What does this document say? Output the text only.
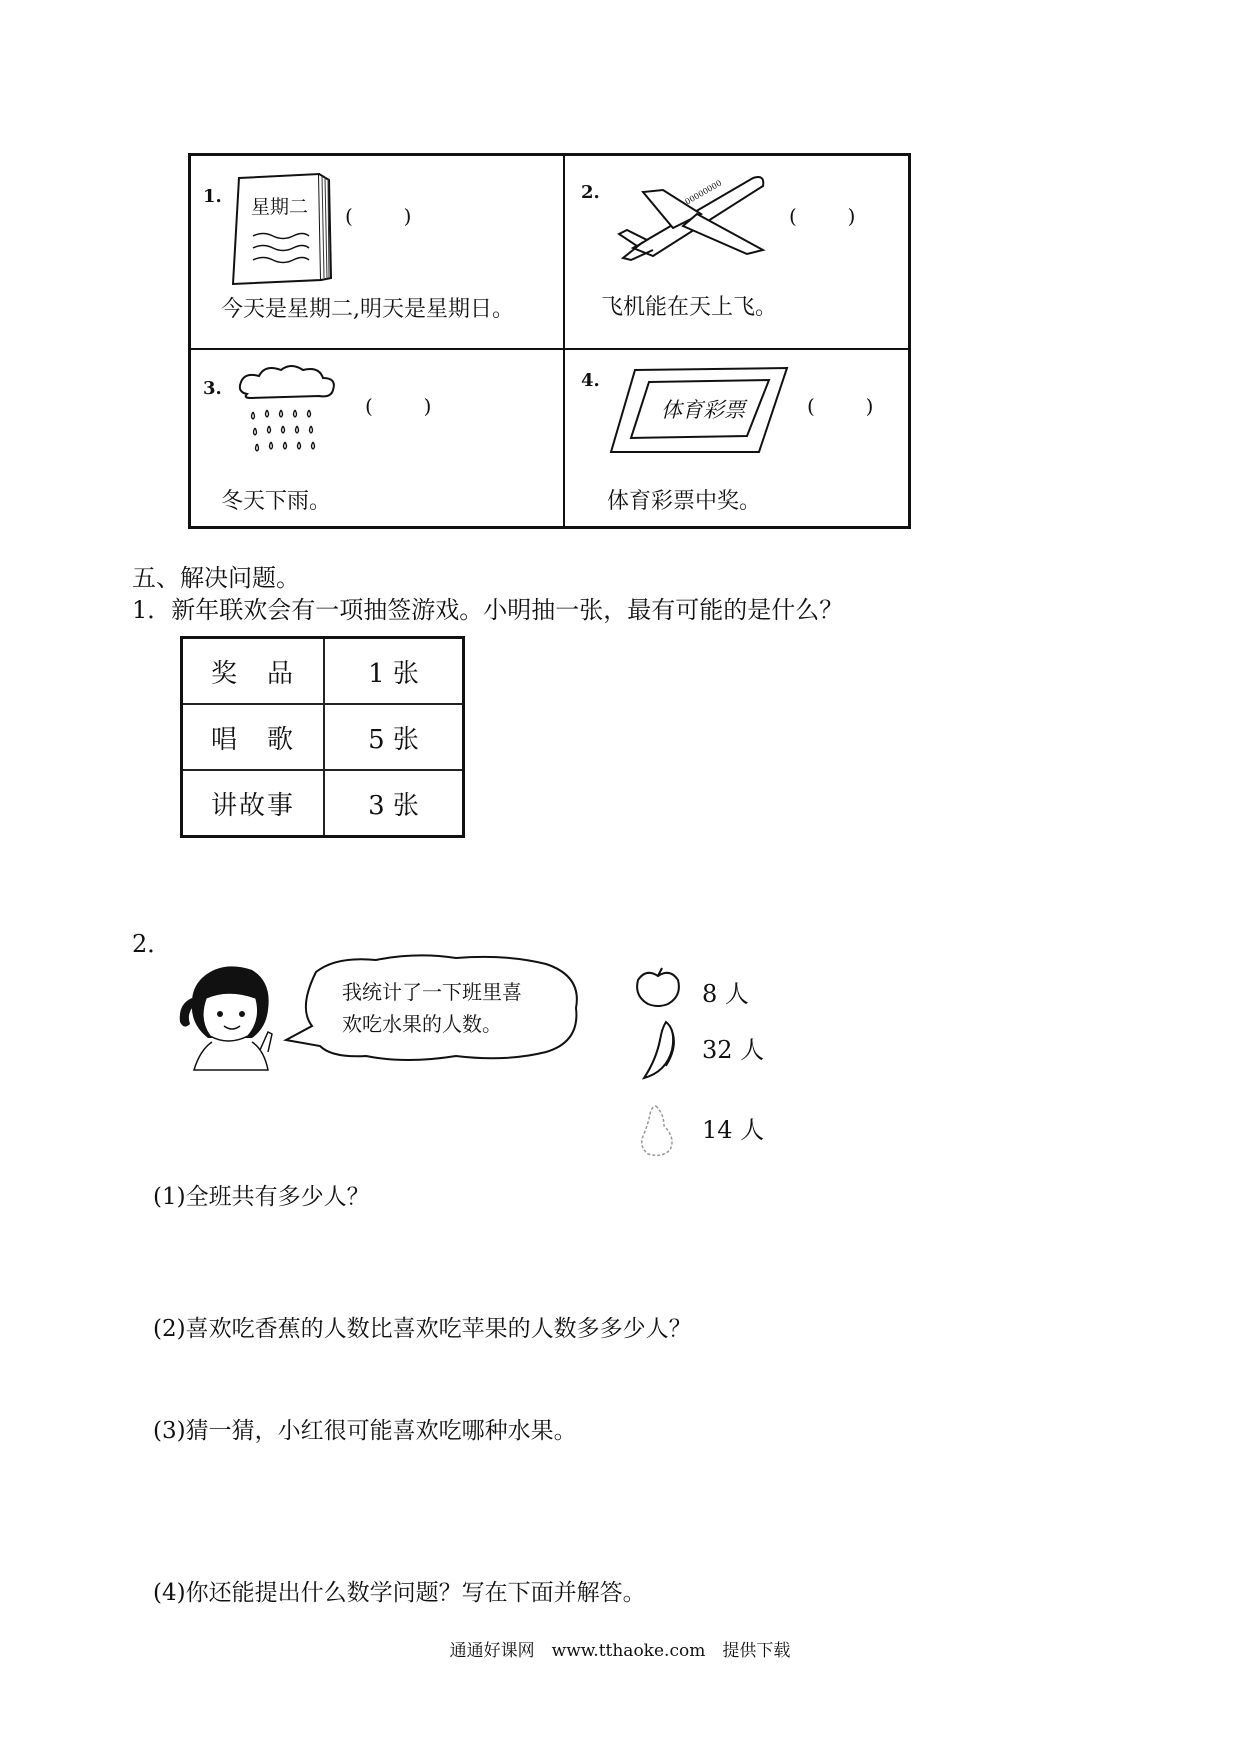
1. 星期二 (        )
今天是星期二,明天是星期日。
2.	00000000
(        )
飞机能在天上飞。
3.
(        )
冬天下雨。
4.
体育彩票	(        )
体育彩票中奖。
五、解决问题。
1．新年联欢会有一项抽签游戏。小明抽一张，最有可能的是什么？
奖　品	1 张
唱　歌	5 张
讲故事	3 张
2．
我统计了一下班里喜
欢吃水果的人数。
8 人
32 人
14 人
(1)全班共有多少人？
(2)喜欢吃香蕉的人数比喜欢吃苹果的人数多多少人？
(3)猜一猜，小红很可能喜欢吃哪种水果。
(4)你还能提出什么数学问题？写在下面并解答。
通通好课网　www.tthaoke.com　提供下载
